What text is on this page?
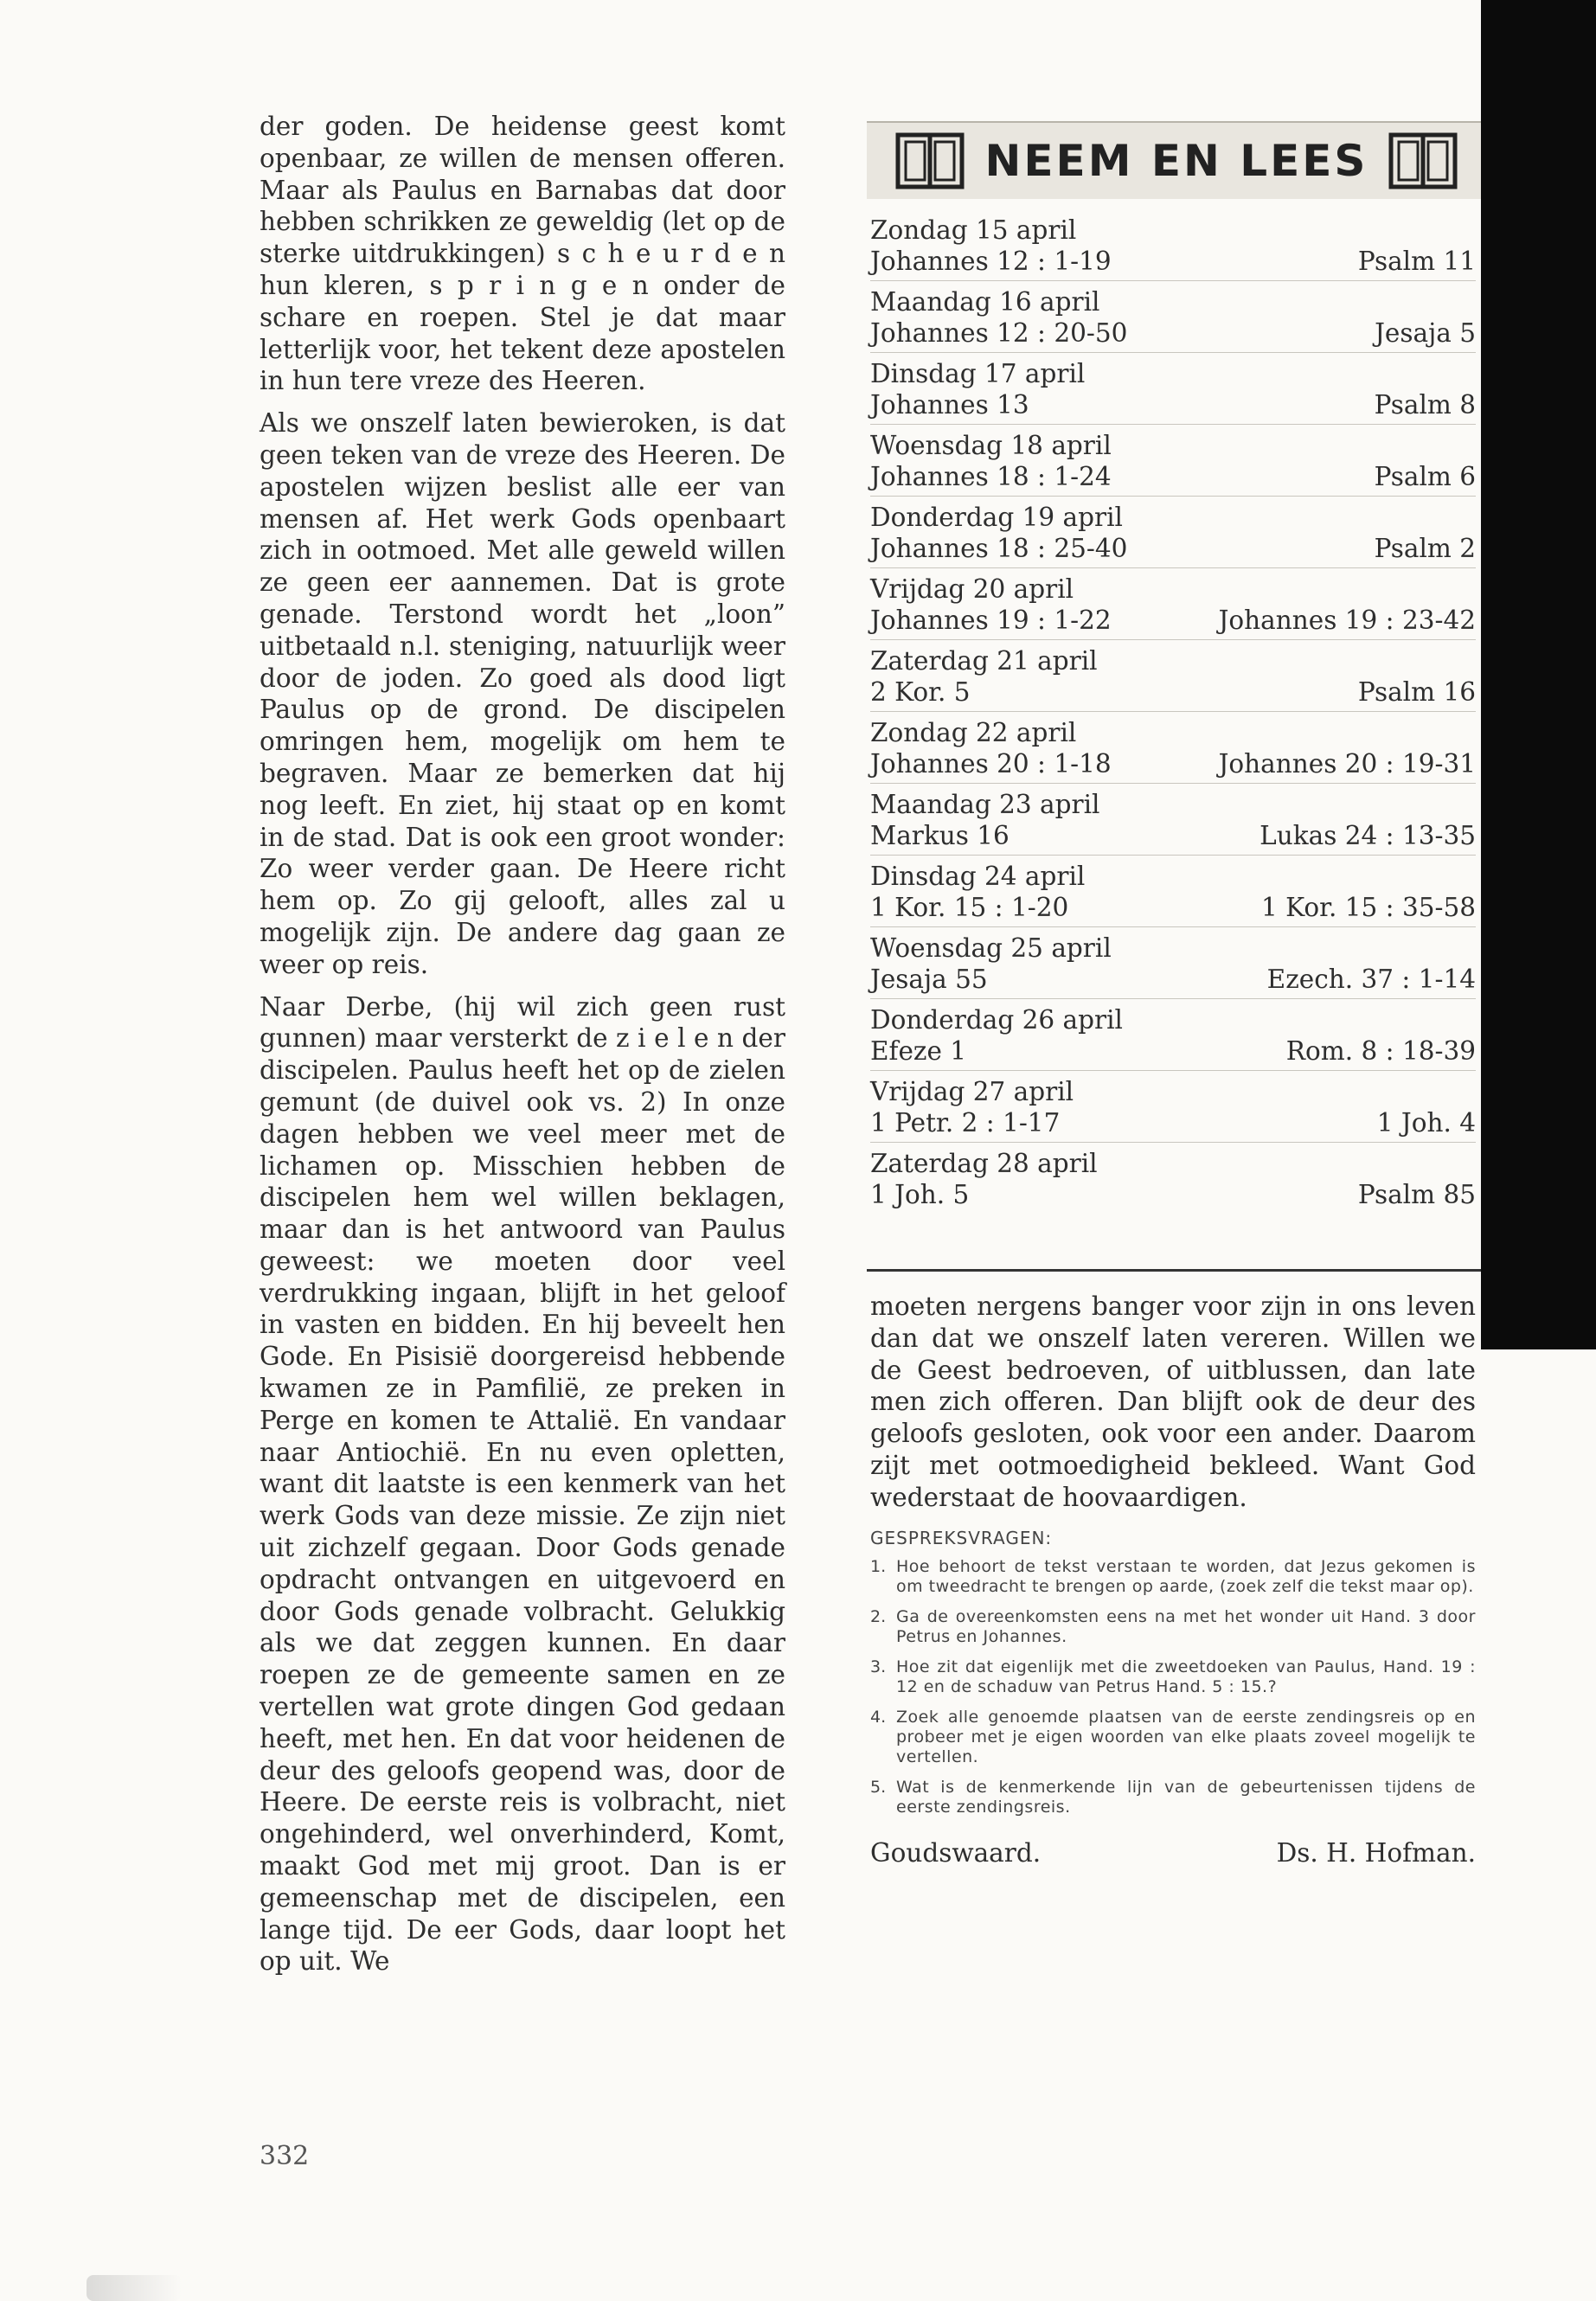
der goden. De heidense geest komt openbaar, ze willen de mensen offeren. Maar als Paulus en Barnabas dat door hebben schrikken ze geweldig (let op de sterke uitdrukkingen) s c h e u r d e n hun kleren, s p r i n g e n onder de schare en roepen. Stel je dat maar letterlijk voor, het tekent deze apostelen in hun tere vreze des Heeren.

Als we onszelf laten bewieroken, is dat geen teken van de vreze des Heeren. De apostelen wijzen beslist alle eer van mensen af. Het werk Gods openbaart zich in ootmoed. Met alle geweld willen ze geen eer aannemen. Dat is grote genade. Terstond wordt het „loon” uitbetaald n.l. steniging, natuurlijk weer door de joden. Zo goed als dood ligt Paulus op de grond. De discipelen omringen hem, mogelijk om hem te begraven. Maar ze bemerken dat hij nog leeft. En ziet, hij staat op en komt in de stad. Dat is ook een groot wonder: Zo weer verder gaan. De Heere richt hem op. Zo gij gelooft, alles zal u mogelijk zijn. De andere dag gaan ze weer op reis.

Naar Derbe, (hij wil zich geen rust gunnen) maar versterkt de z i e l e n der discipelen. Paulus heeft het op de zielen gemunt (de duivel ook vs. 2) In onze dagen hebben we veel meer met de lichamen op. Misschien hebben de discipelen hem wel willen beklagen, maar dan is het antwoord van Paulus geweest: we moeten door veel verdrukking ingaan, blijft in het geloof in vasten en bidden. En hij beveelt hen Gode. En Pisisië doorgereisd hebbende kwamen ze in Pamfilië, ze preken in Perge en komen te Attalië. En vandaar naar Antiochië. En nu even opletten, want dit laatste is een kenmerk van het werk Gods van deze missie. Ze zijn niet uit zichzelf gegaan. Door Gods genade opdracht ontvangen en uitgevoerd en door Gods genade volbracht. Gelukkig als we dat zeggen kunnen. En daar roepen ze de gemeente samen en ze vertellen wat grote dingen God gedaan heeft, met hen. En dat voor heidenen de deur des geloofs geopend was, door de Heere. De eerste reis is volbracht, niet ongehinderd, wel onverhinderd, Komt, maakt God met mij groot. Dan is er gemeenschap met de discipelen, een lange tijd. De eer Gods, daar loopt het op uit. We

332
NEEM EN LEES
Zondag 15 april
Johannes 12 : 1-19	Psalm 11
Maandag 16 april
Johannes 12 : 20-50	Jesaja 5
Dinsdag 17 april
Johannes 13	Psalm 8
Woensdag 18 april
Johannes 18 : 1-24	Psalm 6
Donderdag 19 april
Johannes 18 : 25-40	Psalm 2
Vrijdag 20 april
Johannes 19 : 1-22	Johannes 19 : 23-42
Zaterdag 21 april
2 Kor. 5	Psalm 16
Zondag 22 april
Johannes 20 : 1-18	Johannes 20 : 19-31
Maandag 23 april
Markus 16	Lukas 24 : 13-35
Dinsdag 24 april
1 Kor. 15 : 1-20	1 Kor. 15 : 35-58
Woensdag 25 april
Jesaja 55	Ezech. 37 : 1-14
Donderdag 26 april
Efeze 1	Rom. 8 : 18-39
Vrijdag 27 april
1 Petr. 2 : 1-17	1 Joh. 4
Zaterdag 28 april
1 Joh. 5	Psalm 85
moeten nergens banger voor zijn in ons leven dan dat we onszelf laten vereren. Willen we de Geest bedroeven, of uitblussen, dan late men zich offeren. Dan blijft ook de deur des geloofs gesloten, ook voor een ander. Daarom zijt met ootmoedigheid bekleed. Want God wederstaat de hoovaardigen.
GESPREKSVRAGEN:
1. Hoe behoort de tekst verstaan te worden, dat Jezus gekomen is om tweedracht te brengen op aarde, (zoek zelf die tekst maar op).
2. Ga de overeenkomsten eens na met het wonder uit Hand. 3 door Petrus en Johannes.
3. Hoe zit dat eigenlijk met die zweetdoeken van Paulus, Hand. 19 : 12 en de schaduw van Petrus Hand. 5 : 15.?
4. Zoek alle genoemde plaatsen van de eerste zendingsreis op en probeer met je eigen woorden van elke plaats zoveel mogelijk te vertellen.
5. Wat is de kenmerkende lijn van de gebeurtenissen tijdens de eerste zendingsreis.
Goudswaard.	Ds. H. Hofman.
